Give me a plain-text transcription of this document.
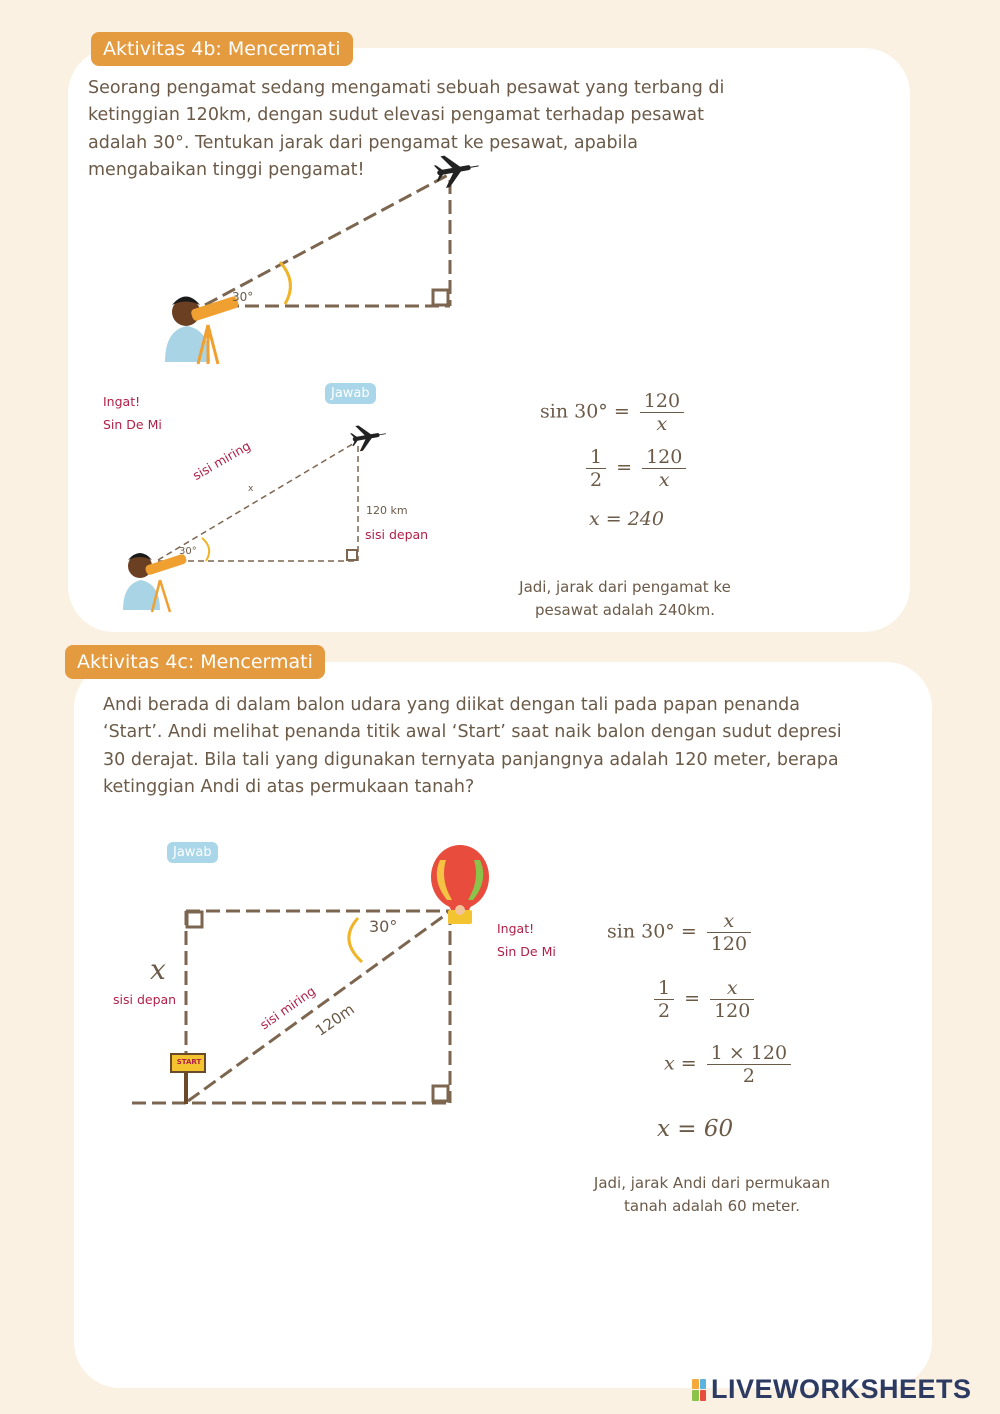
Aktivitas 4b: Mencermati
Seorang pengamat sedang mengamati sebuah pesawat yang terbang di
ketinggian 120km, dengan sudut elevasi pengamat terhadap pesawat
adalah 30°. Tentukan jarak dari pengamat ke pesawat, apabila
mengabaikan tinggi pengamat!
30°
Ingat!
Sin De Mi
Jawab
sisi miring
x
120 km
sisi depan
30°
$\sin 30^\circ = \frac{120}{x}$
$\frac{1}{2} = \frac{120}{x}$
x = 240
Jadi, jarak dari pengamat ke
pesawat adalah 240km.
Aktivitas 4c: Mencermati
Andi berada di dalam balon udara yang diikat dengan tali pada papan penanda
‘Start’. Andi melihat penanda titik awal ‘Start’ saat naik balon dengan sudut depresi
30 derajat. Bila tali yang digunakan ternyata panjangnya adalah 120 meter, berapa
ketinggian Andi di atas permukaan tanah?
Jawab
x
sisi depan	sisi miring
120m
30°
START
Ingat!
Sin De Mi
$\sin 30^\circ = \frac{x}{120}$
$\frac{1}{2} = \frac{x}{120}$
$x = \frac{1 \times 120}{2}$
x = 60
Jadi, jarak Andi dari permukaan
tanah adalah 60 meter.
LIVEWORKSHEETS
